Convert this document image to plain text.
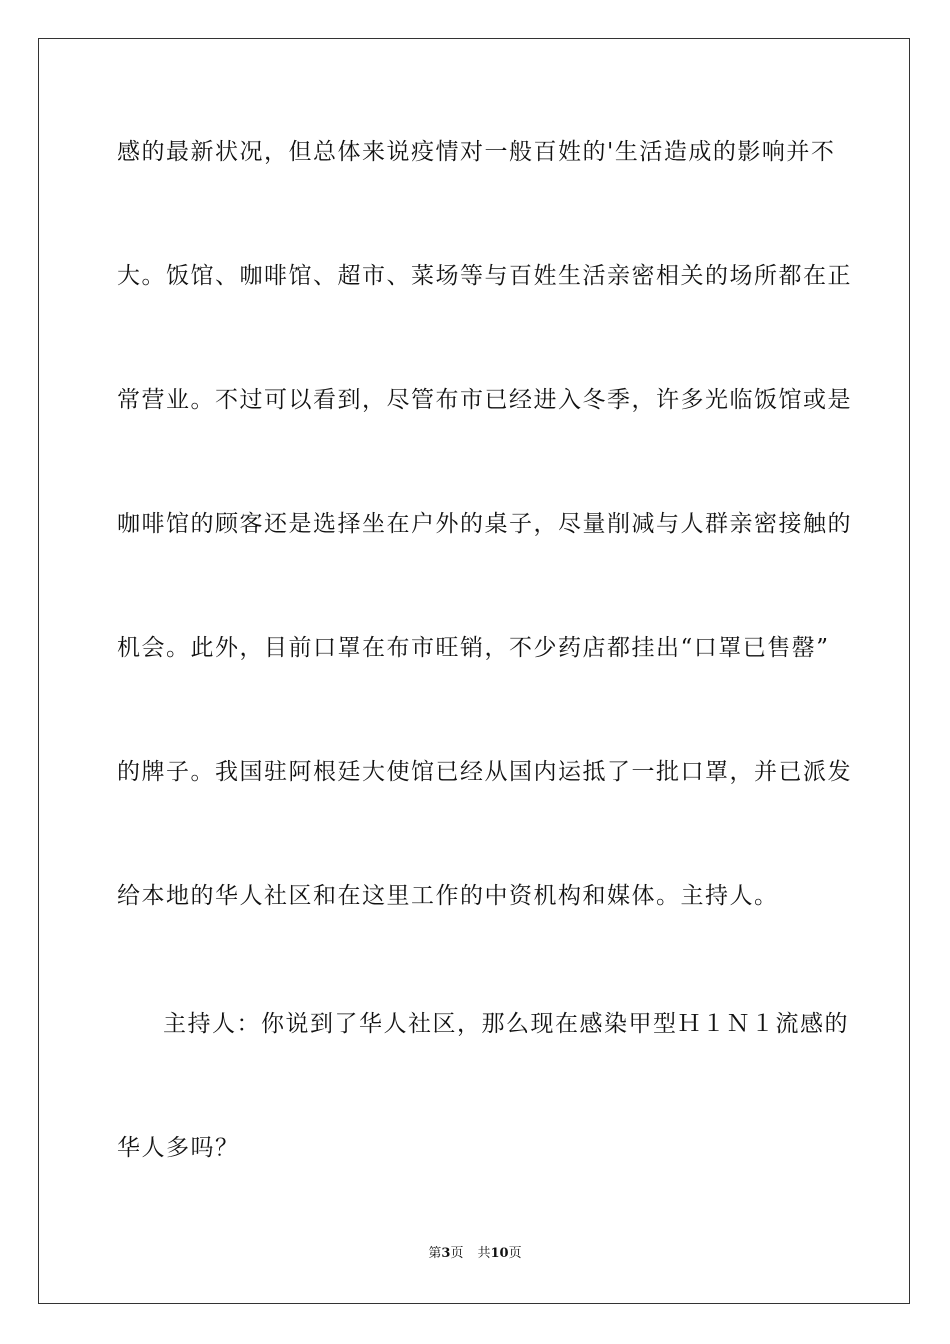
感的最新状况，但总体来说疫情对一般百姓的'生活造成的影响并不
大。饭馆、咖啡馆、超市、菜场等与百姓生活亲密相关的场所都在正
常营业。不过可以看到，尽管布市已经进入冬季，许多光临饭馆或是
咖啡馆的顾客还是选择坐在户外的桌子，尽量削减与人群亲密接触的
机会。此外，目前口罩在布市旺销，不少药店都挂出“口罩已售罄”
的牌子。我国驻阿根廷大使馆已经从国内运抵了一批口罩，并已派发
给本地的华人社区和在这里工作的中资机构和媒体。主持人。
主持人：你说到了华人社区，那么现在感染甲型Ｈ１Ｎ１流感的
华人多吗？
第3页 共10页
